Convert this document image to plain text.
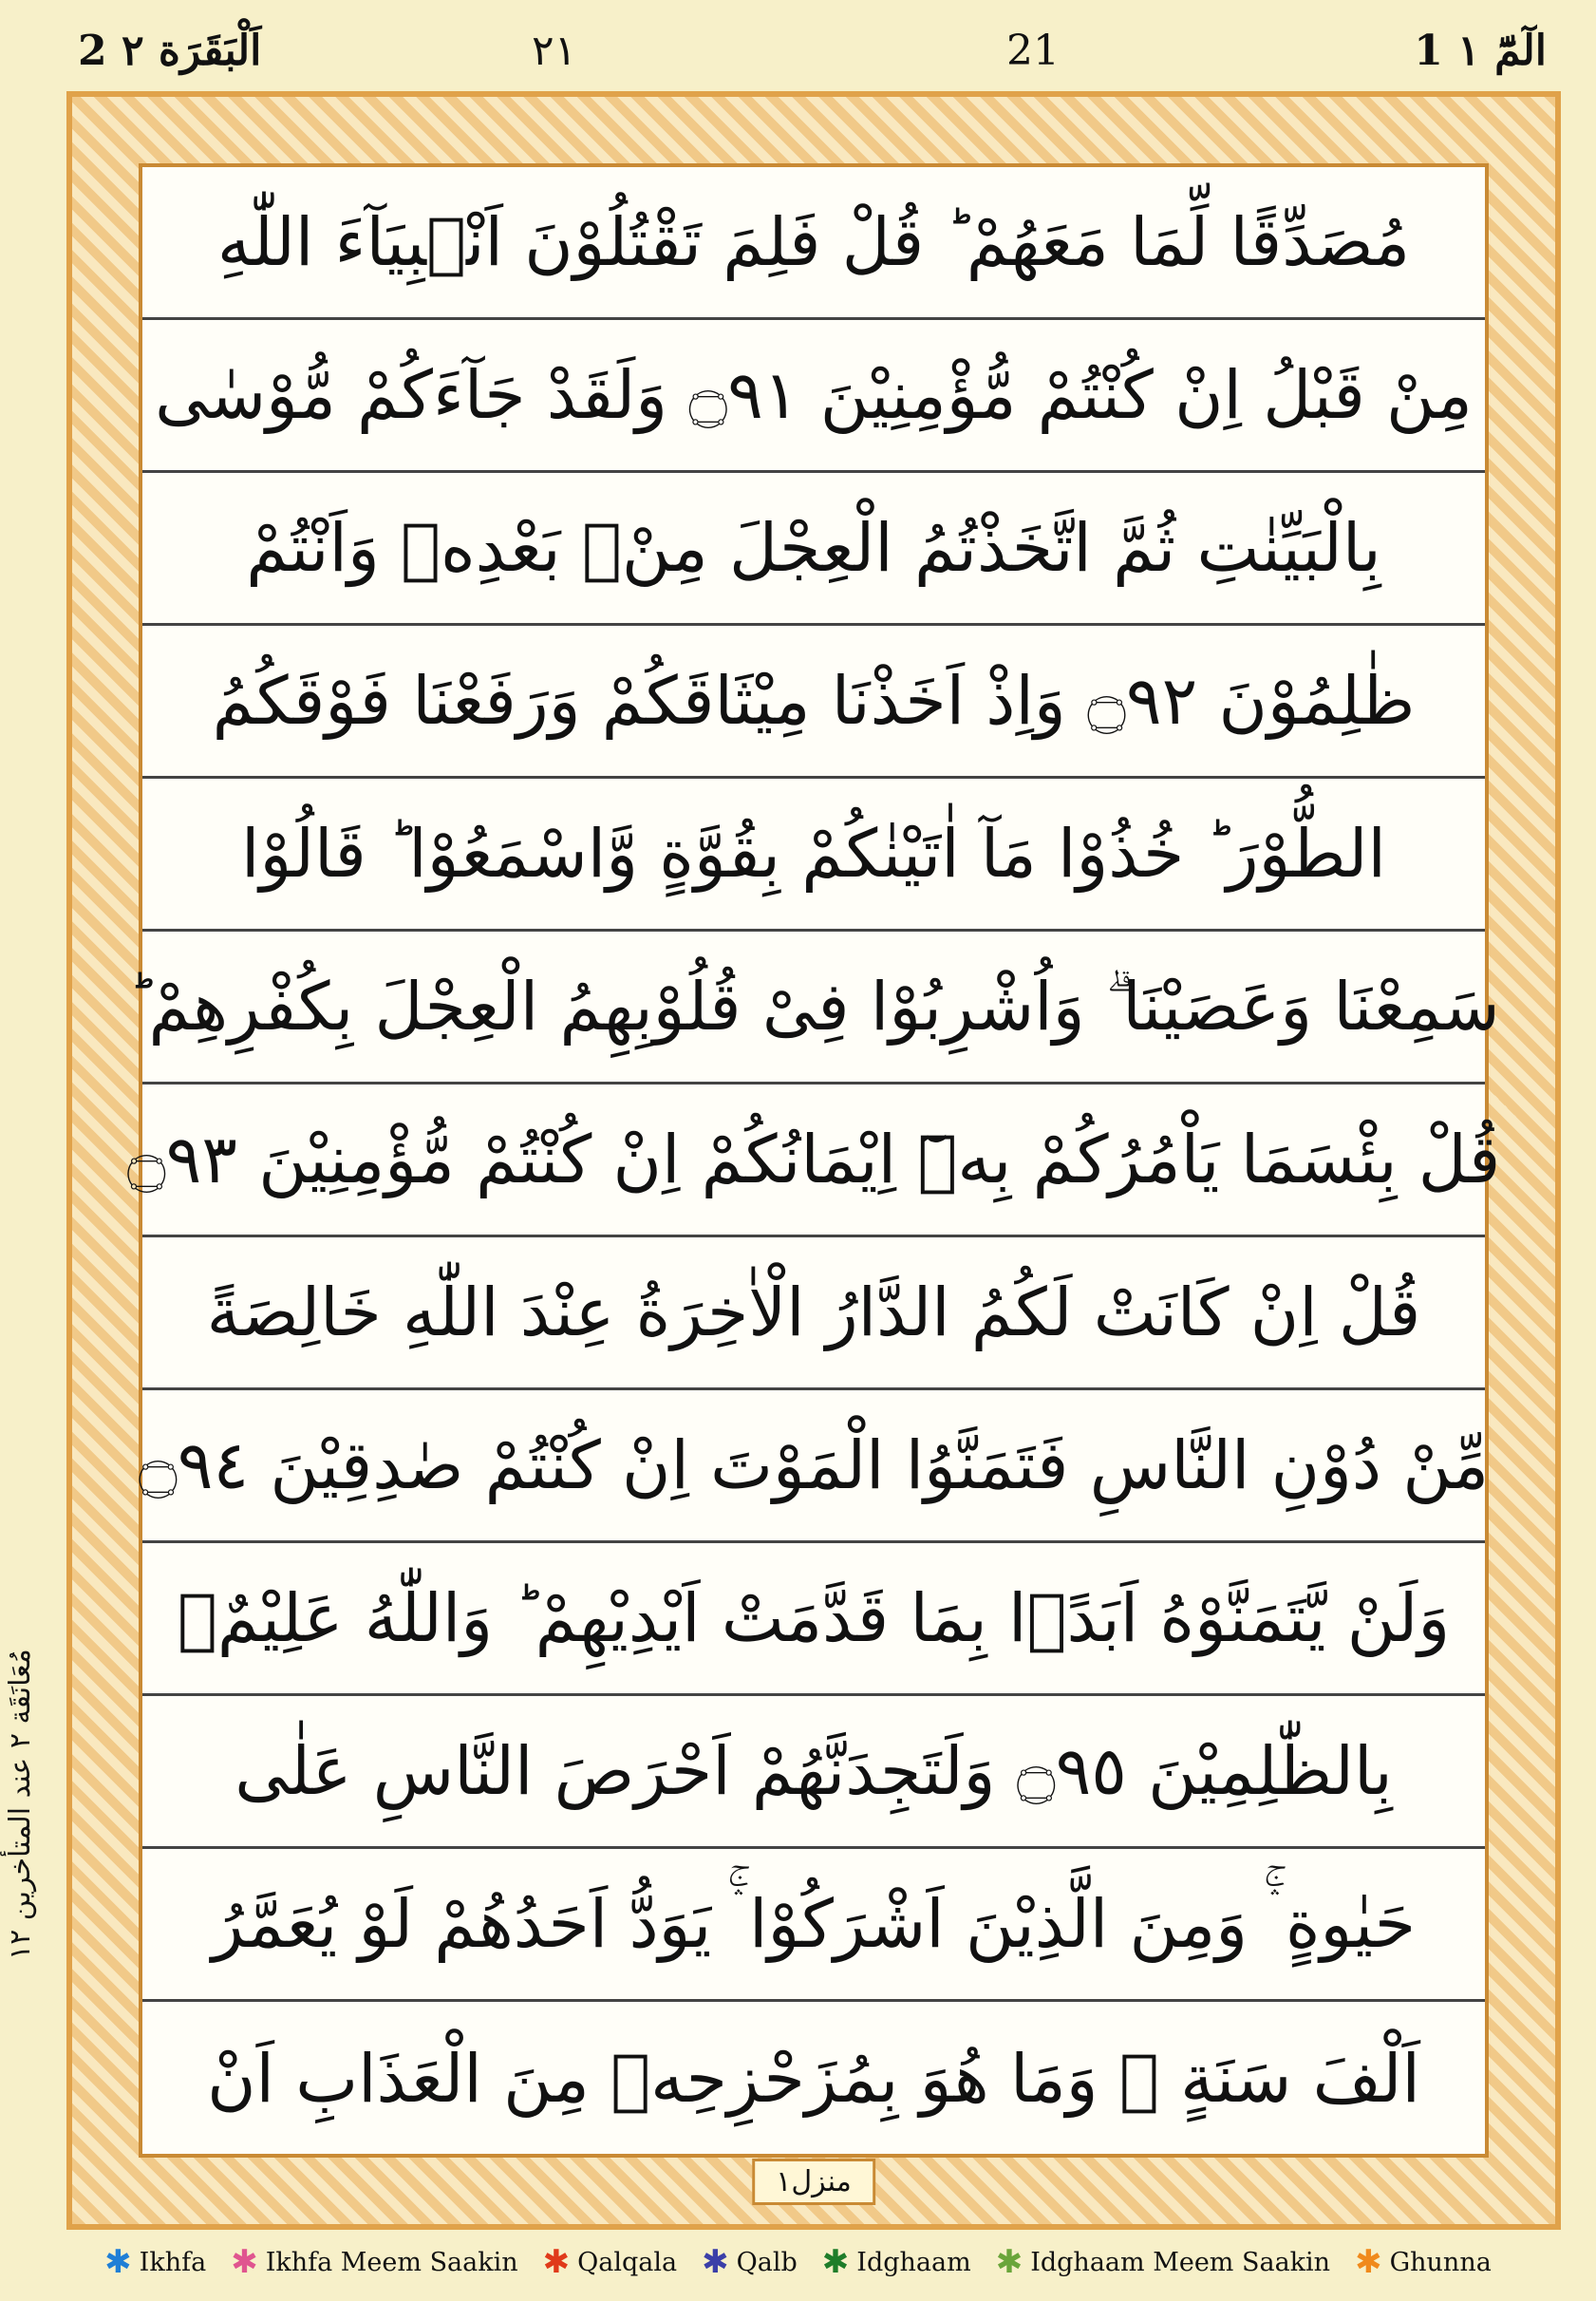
2 اَلْبَقَرَة ٢	٢١	21	1 الٓمّٓ ١
مُعَانَقَة ٢ عند المتأخرين ١٢
مُصَدِّقًا لِّمَا مَعَهُمْ ؕ قُلْ فَلِمَ تَقْتُلُوْنَ اَنْۢبِيَآءَ اللّٰهِ
مِنْ قَبْلُ اِنْ كُنْتُمْ مُّؤْمِنِيْنَ ۝٩١ وَلَقَدْ جَآءَكُمْ مُّوْسٰى
بِالْبَيِّنٰتِ ثُمَّ اتَّخَذْتُمُ الْعِجْلَ مِنْۢ بَعْدِهٖ وَاَنْتُمْ
ظٰلِمُوْنَ ۝٩٢ وَاِذْ اَخَذْنَا مِيْثَاقَكُمْ وَرَفَعْنَا فَوْقَكُمُ
الطُّوْرَ ؕ خُذُوْا مَآ اٰتَيْنٰكُمْ بِقُوَّةٍ وَّاسْمَعُوْا ؕ قَالُوْا
سَمِعْنَا وَعَصَيْنَا ۗ وَاُشْرِبُوْا فِىْ قُلُوْبِهِمُ الْعِجْلَ بِكُفْرِهِمْ ؕ
قُلْ بِئْسَمَا يَاْمُرُكُمْ بِهٖٓ اِيْمَانُكُمْ اِنْ كُنْتُمْ مُّؤْمِنِيْنَ ۝٩٣
قُلْ اِنْ كَانَتْ لَكُمُ الدَّارُ الْاٰخِرَةُ عِنْدَ اللّٰهِ خَالِصَةً
مِّنْ دُوْنِ النَّاسِ فَتَمَنَّوُا الْمَوْتَ اِنْ كُنْتُمْ صٰدِقِيْنَ ۝٩٤
وَلَنْ يَّتَمَنَّوْهُ اَبَدًۢا بِمَا قَدَّمَتْ اَيْدِيْهِمْ ؕ وَاللّٰهُ عَلِيْمٌۢ
بِالظّٰلِمِيْنَ ۝٩٥ وَلَتَجِدَنَّهُمْ اَحْرَصَ النَّاسِ عَلٰى
حَيٰوةٍ ۛۚ وَمِنَ الَّذِيْنَ اَشْرَكُوْا ۛۚ يَوَدُّ اَحَدُهُمْ لَوْ يُعَمَّرُ
اَلْفَ سَنَةٍ ۚ وَمَا هُوَ بِمُزَحْزِحِهٖ مِنَ الْعَذَابِ اَنْ
منزل١
✱ Ikhfa ✱ Ikhfa Meem Saakin ✱ Qalqala ✱ Qalb ✱ Idghaam ✱ Idghaam Meem Saakin ✱ Ghunna
